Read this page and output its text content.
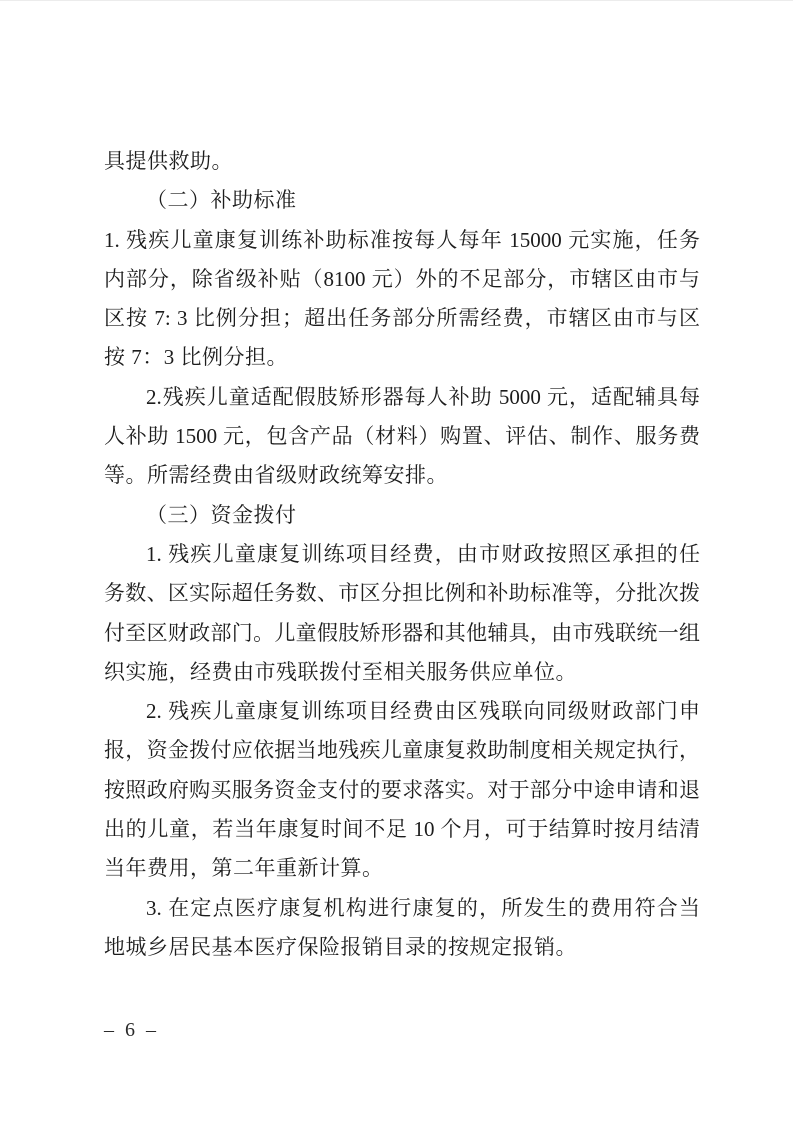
具提供救助。
（二）补助标准
1. 残疾儿童康复训练补助标准按每人每年 15000 元实施，任务
内部分，除省级补贴（8100 元）外的不足部分，市辖区由市与
区按 7: 3 比例分担；超出任务部分所需经费，市辖区由市与区
按 7：3 比例分担。
2.残疾儿童适配假肢矫形器每人补助 5000 元，适配辅具每
人补助 1500 元，包含产品（材料）购置、评估、制作、服务费
等。所需经费由省级财政统筹安排。
（三）资金拨付
1. 残疾儿童康复训练项目经费，由市财政按照区承担的任
务数、区实际超任务数、市区分担比例和补助标准等，分批次拨
付至区财政部门。儿童假肢矫形器和其他辅具，由市残联统一组
织实施，经费由市残联拨付至相关服务供应单位。
2. 残疾儿童康复训练项目经费由区残联向同级财政部门申
报，资金拨付应依据当地残疾儿童康复救助制度相关规定执行，
按照政府购买服务资金支付的要求落实。对于部分中途申请和退
出的儿童，若当年康复时间不足 10 个月，可于结算时按月结清
当年费用，第二年重新计算。
3. 在定点医疗康复机构进行康复的，所发生的费用符合当
地城乡居民基本医疗保险报销目录的按规定报销。
– 6 –
